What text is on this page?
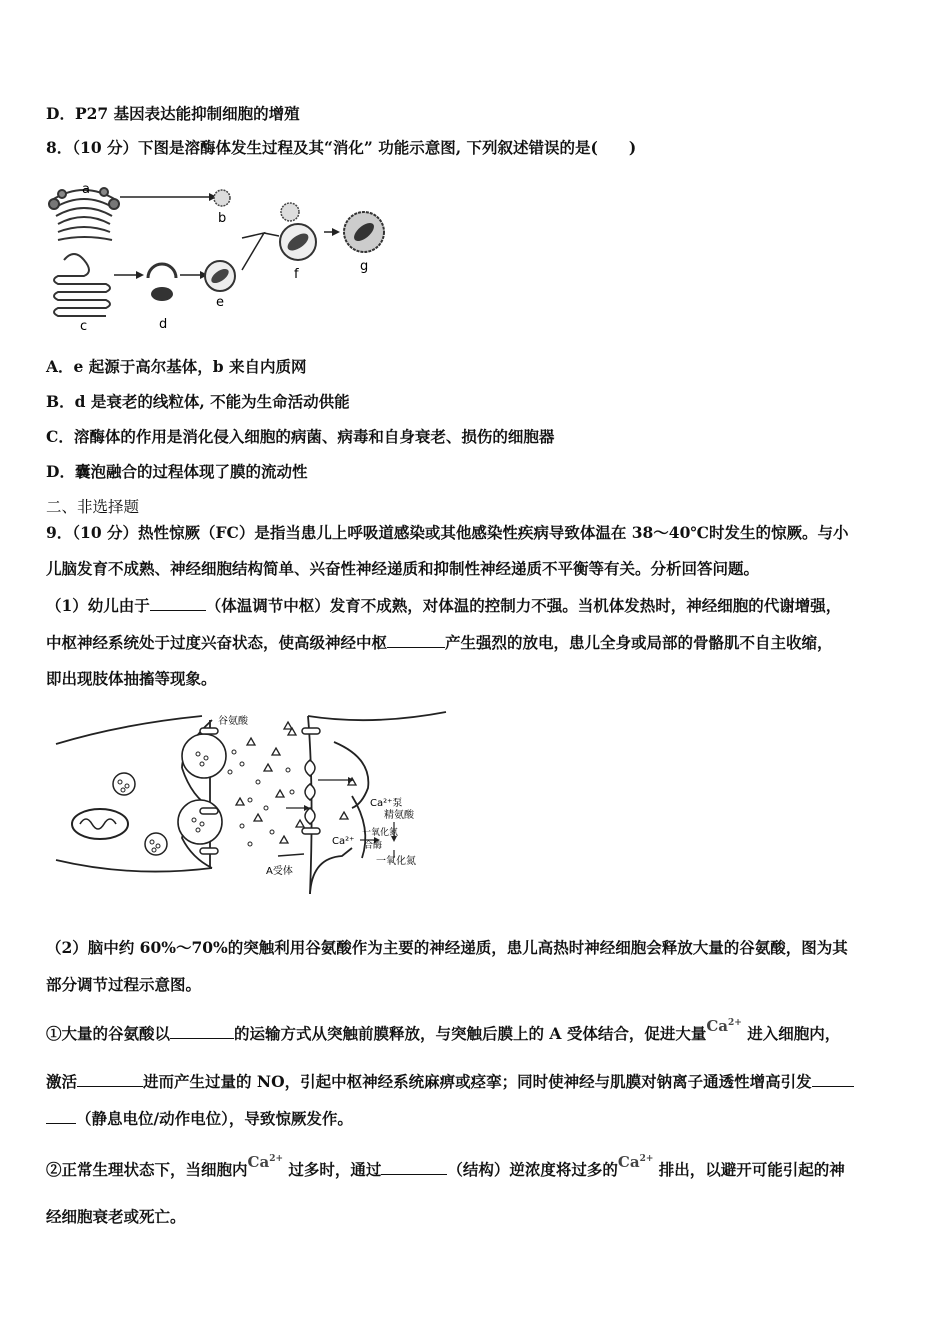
D．P27 基因表达能抑制细胞的增殖
8．（10 分）下图是溶酶体发生过程及其“消化” 功能示意图, 下列叙述错误的是(　　)
a
b
c	d
e
f
g
A．e 起源于高尔基体，b 来自内质网
B．d 是衰老的线粒体, 不能为生命活动供能
C．溶酶体的作用是消化侵入细胞的病菌、病毒和自身衰老、损伤的细胞器
D．囊泡融合的过程体现了膜的流动性
二、非选择题
9．（10 分）热性惊厥（FC）是指当患儿上呼吸道感染或其他感染性疾病导致体温在 38～40℃时发生的惊厥。与小
儿脑发育不成熟、神经细胞结构简单、兴奋性神经递质和抑制性神经递质不平衡等有关。分析回答问题。
（1）幼儿由于	（体温调节中枢）发育不成熟，对体温的控制力不强。当机体发热时，神经细胞的代谢增强，
中枢神经系统处于过度兴奋状态，使高级神经中枢	产生强烈的放电，患儿全身或局部的骨骼肌不自主收缩，
即出现肢体抽搐等现象。
谷氨酸
Ca²⁺泵
精氨酸
一氧化氮
合酶
Ca²⁺
一氧化氮
A受体
（2）脑中约 60%～70%的突触利用谷氨酸作为主要的神经递质，患儿高热时神经细胞会释放大量的谷氨酸，图为其
部分调节过程示意图。
①大量的谷氨酸以	的运输方式从突触前膜释放，与突触后膜上的 A 受体结合，促进大量$Ca^{2+}$ 进入细胞内，
激活	进而产生过量的 NO，引起中枢神经系统麻痹或痉挛；同时使神经与肌膜对钠离子通透性增高引发
（静息电位/动作电位），导致惊厥发作。
②正常生理状态下，当细胞内$Ca^{2+}$ 过多时，通过	（结构）逆浓度将过多的$Ca^{2+}$ 排出，以避开可能引起的神
经细胞衰老或死亡。
